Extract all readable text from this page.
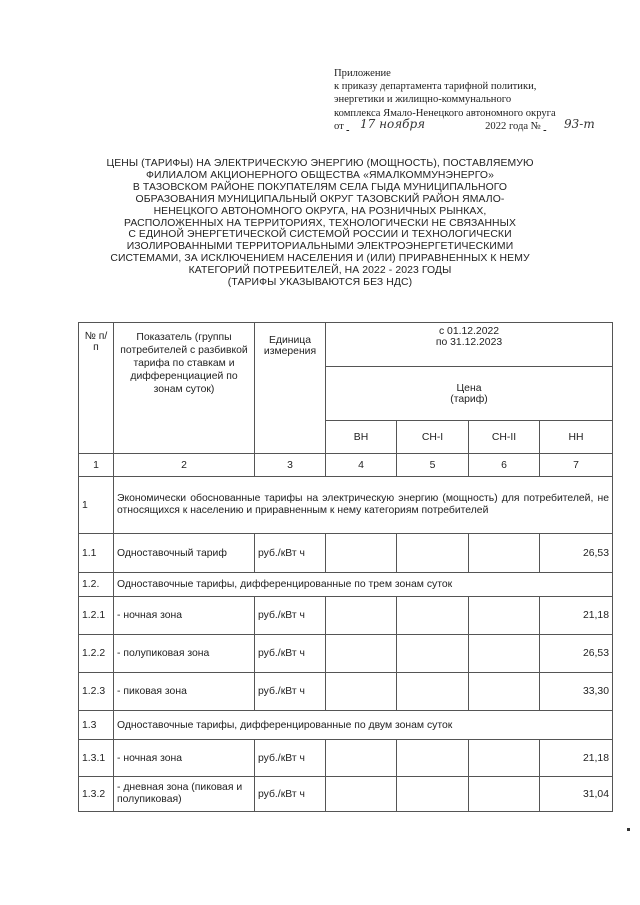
Приложение
к приказу департамента тарифной политики,
энергетики и жилищно-коммунального
комплекса Ямало-Ненецкого автономного округа
от	2022 года №
17 ноября	93-т
ЦЕНЫ (ТАРИФЫ) НА ЭЛЕКТРИЧЕСКУЮ ЭНЕРГИЮ (МОЩНОСТЬ), ПОСТАВЛЯЕМУЮ
ФИЛИАЛОМ АКЦИОНЕРНОГО ОБЩЕСТВА «ЯМАЛКОММУНЭНЕРГО»
В ТАЗОВСКОМ РАЙОНЕ ПОКУПАТЕЛЯМ СЕЛА ГЫДА МУНИЦИПАЛЬНОГО
ОБРАЗОВАНИЯ МУНИЦИПАЛЬНЫЙ ОКРУГ ТАЗОВСКИЙ РАЙОН ЯМАЛО-
НЕНЕЦКОГО АВТОНОМНОГО ОКРУГА, НА РОЗНИЧНЫХ РЫНКАХ,
РАСПОЛОЖЕННЫХ НА ТЕРРИТОРИЯХ, ТЕХНОЛОГИЧЕСКИ НЕ СВЯЗАННЫХ
С ЕДИНОЙ ЭНЕРГЕТИЧЕСКОЙ СИСТЕМОЙ РОССИИ И ТЕХНОЛОГИЧЕСКИ
ИЗОЛИРОВАННЫМИ ТЕРРИТОРИАЛЬНЫМИ ЭЛЕКТРОЭНЕРГЕТИЧЕСКИМИ
СИСТЕМАМИ, ЗА ИСКЛЮЧЕНИЕМ НАСЕЛЕНИЯ И (ИЛИ) ПРИРАВНЕННЫХ К НЕМУ
КАТЕГОРИЙ ПОТРЕБИТЕЛЕЙ, НА 2022 - 2023 ГОДЫ
(ТАРИФЫ УКАЗЫВАЮТСЯ БЕЗ НДС)
№ п/п	Показатель (группы потребителей с разбивкой тарифа по ставкам и дифференциацией по зонам суток)	Единица измерения	с 01.12.2022
по 31.12.2023			
			Цена
(тариф)			
			ВН	СН-I	СН-II	НН
1	2	3	4	5	6	7
1	Экономически обоснованные тарифы на электрическую энергию (мощность) для потребителей, не относящихся к населению и приравненным к нему категориям потребителей					
1.1	Одноставочный тариф	руб./кВт ч				26,53
1.2.	Одноставочные тарифы, дифференцированные по трем зонам суток					
1.2.1	- ночная зона	руб./кВт ч				21,18
1.2.2	- полупиковая зона	руб./кВт ч				26,53
1.2.3	- пиковая зона	руб./кВт ч				33,30
1.3	Одноставочные тарифы, дифференцированные по двум зонам суток					
1.3.1	- ночная зона	руб./кВт ч				21,18
1.3.2	- дневная зона (пиковая и полупиковая)	руб./кВт ч				31,04
